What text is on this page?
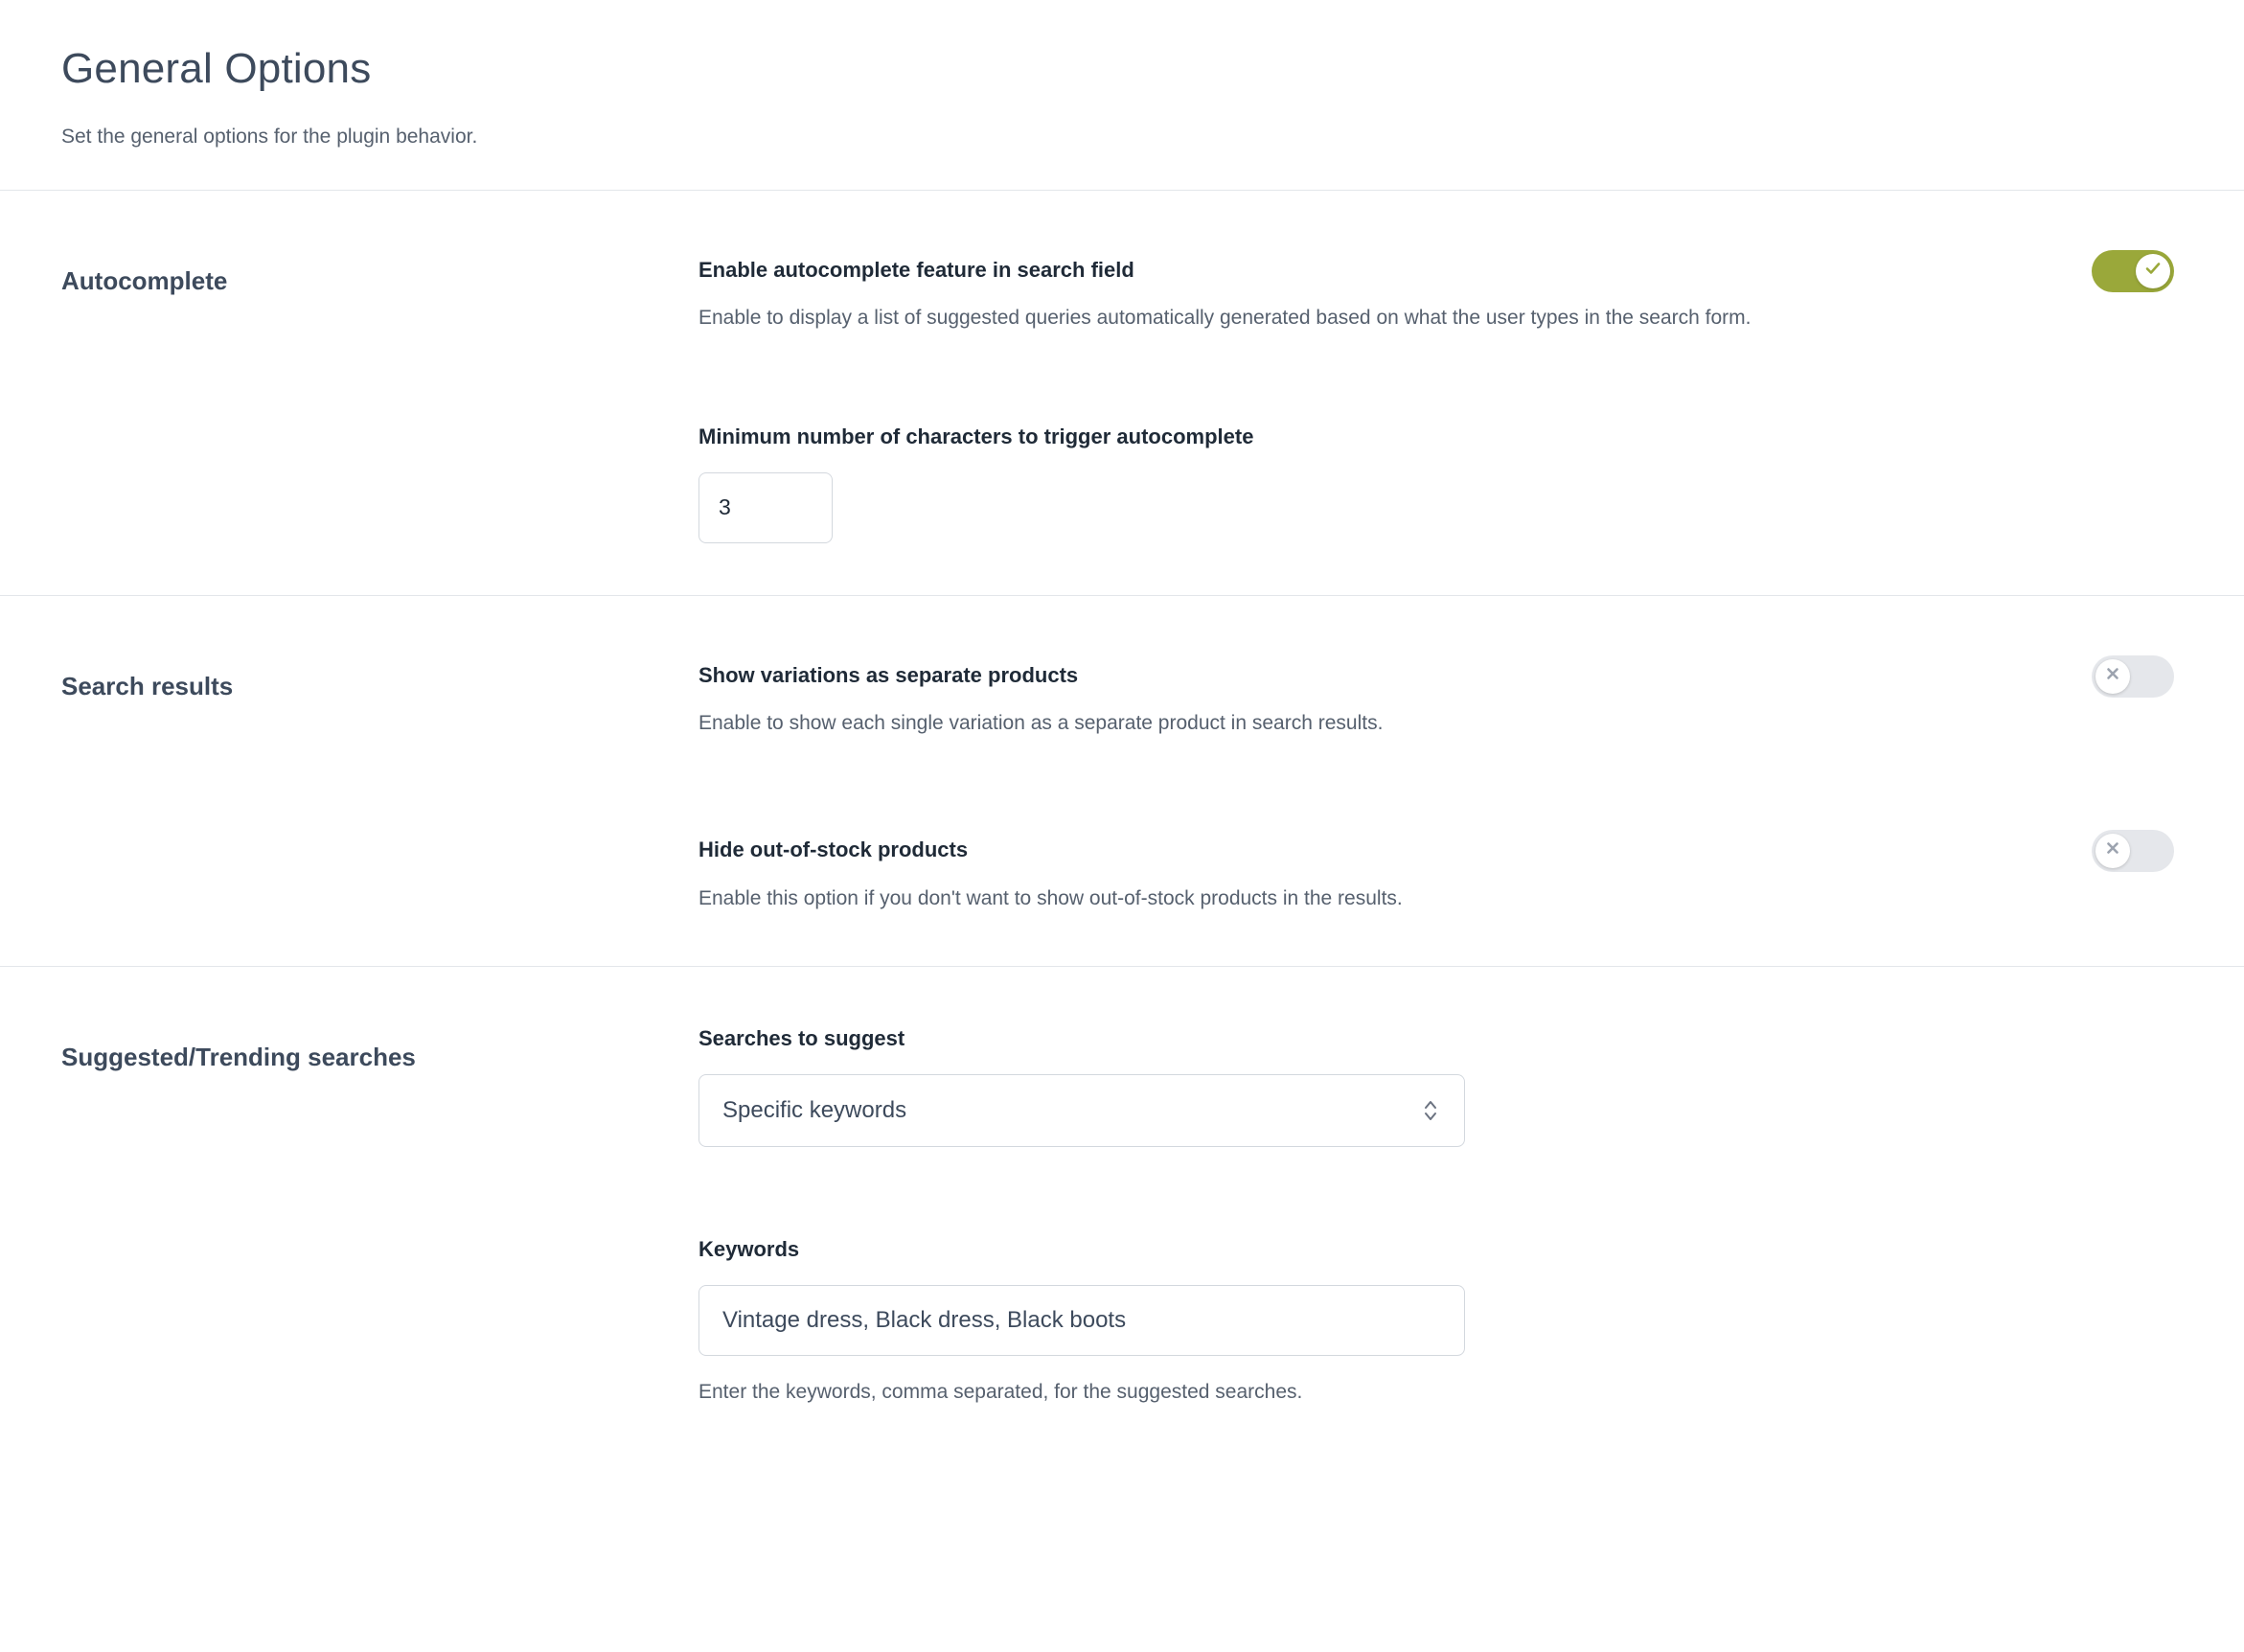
General Options

Set the general options for the plugin behavior.

Autocomplete	Enable autocomplete feature in search field
Enable to display a list of suggested queries automatically generated based on what the user types in the search form.
Minimum number of characters to trigger autocomplete
3
Search results	Show variations as separate products
Enable to show each single variation as a separate product in search results.
Hide out-of-stock products
Enable this option if you don't want to show out-of-stock products in the results.
Suggested/Trending searches
Searches to suggest
Specific keywords
Keywords
Vintage dress, Black dress, Black boots
Enter the keywords, comma separated, for the suggested searches.
